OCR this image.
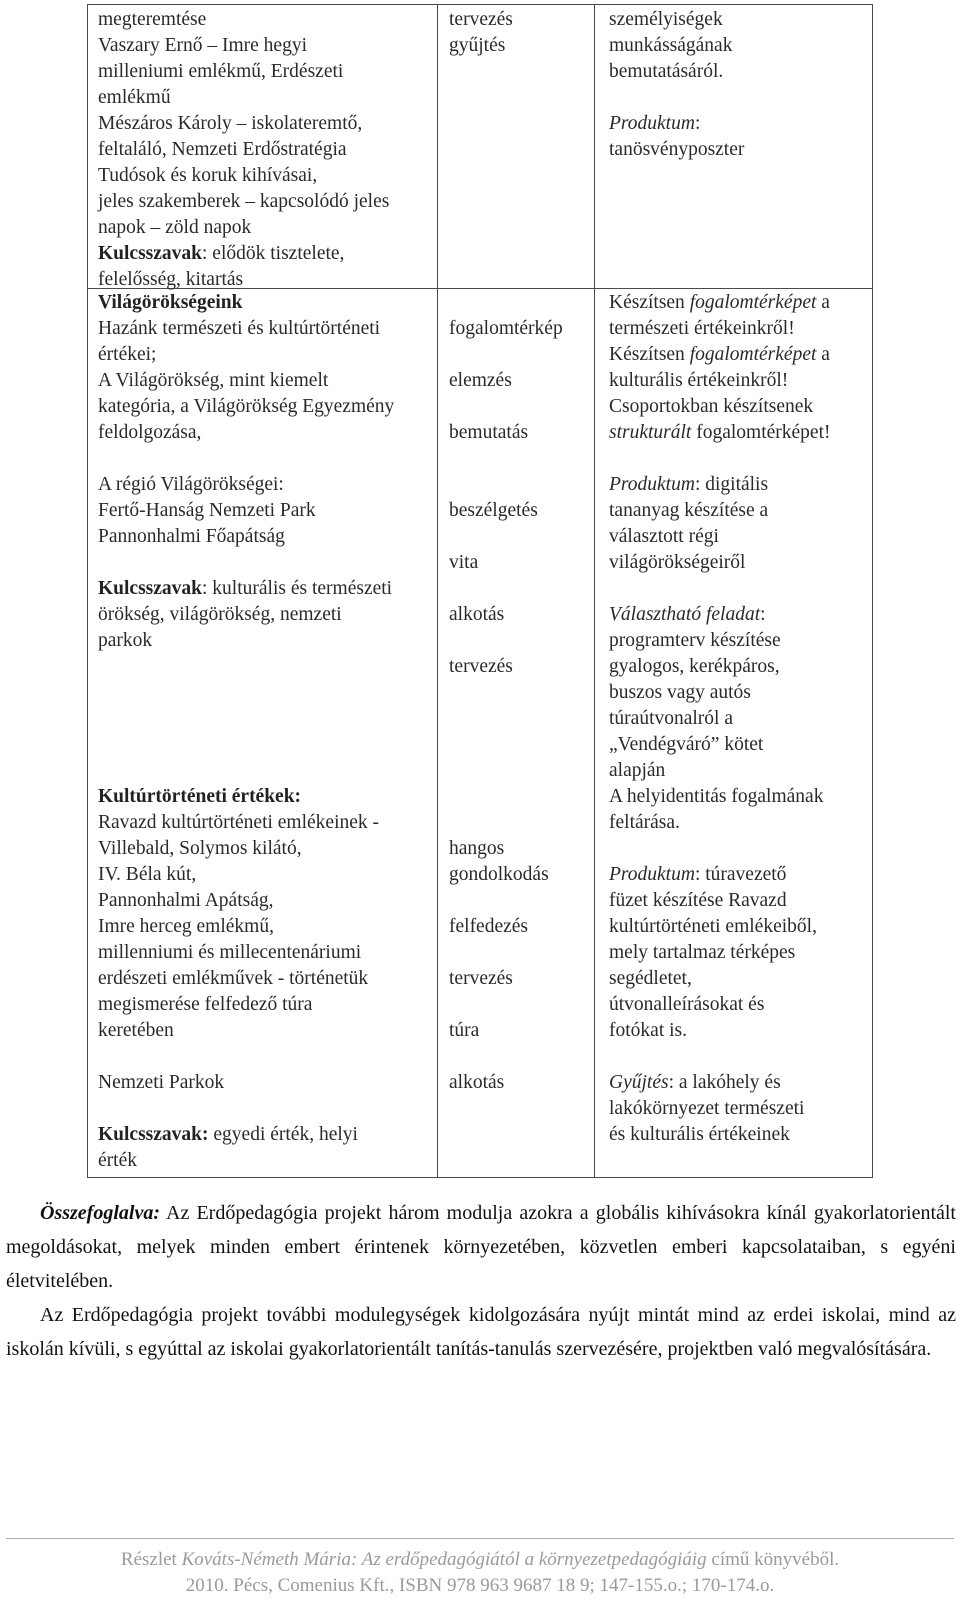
megteremtése

Vaszary Ernő – Imre hegyi

milleniumi emlékmű, Erdészeti

emlékmű

Mészáros Károly – iskolateremtő,

feltaláló, Nemzeti Erdőstratégia

Tudósok és koruk kihívásai,

jeles szakemberek – kapcsolódó jeles

napok – zöld napok

Kulcsszavak: elődök tisztelete,

felelősség, kitartás

tervezés

gyűjtés

személyiségek

munkásságának

bemutatásáról.

Produktum:

tanösvényposzter

Világörökségeink

Hazánk természeti és kultúrtörténeti

értékei;

A Világörökség, mint kiemelt

kategória, a Világörökség Egyezmény

feldolgozása,

A régió Világörökségei:

Fertő-Hanság Nemzeti Park

Pannonhalmi Főapátság

Kulcsszavak: kulturális és természeti

örökség, világörökség, nemzeti

parkok

Kultúrtörténeti értékek:

Ravazd kultúrtörténeti emlékeinek -

Villebald, Solymos kilátó,

IV. Béla kút,

Pannonhalmi Apátság,

Imre herceg emlékmű,

millenniumi és millecentenáriumi

erdészeti emlékművek - történetük

megismerése felfedező túra

keretében

Nemzeti Parkok

Kulcsszavak: egyedi érték, helyi

érték

fogalomtérkép

elemzés

bemutatás

beszélgetés

vita

alkotás

tervezés

hangos

gondolkodás

felfedezés

tervezés

túra

alkotás

Készítsen fogalomtérképet a

természeti értékeinkről!

Készítsen fogalomtérképet a

kulturális értékeinkről!

Csoportokban készítsenek

strukturált fogalomtérképet!

Produktum: digitális

tananyag készítése a

választott régi

világörökségeiről

Választható feladat:

programterv készítése

gyalogos, kerékpáros,

buszos vagy autós

túraútvonalról a

„Vendégváró” kötet

alapján

A helyidentitás fogalmának

feltárása.

Produktum: túravezető

füzet készítése Ravazd

kultúrtörténeti emlékeiből,

mely tartalmaz térképes

segédletet,

útvonalleírásokat és

fotókat is.

Gyűjtés: a lakóhely és

lakókörnyezet természeti

és kulturális értékeinek

Összefoglalva: Az Erdőpedagógia projekt három modulja azokra a globális kihívásokra kínál gyakorlatorientált megoldásokat, melyek minden embert érintenek környezetében, közvetlen emberi kapcsolataiban, s egyéni életvitelében.

Az Erdőpedagógia projekt további modulegységek kidolgozására nyújt mintát mind az erdei iskolai, mind az iskolán kívüli, s egyúttal az iskolai gyakorlatorientált tanítás-tanulás szervezésére, projektben való megvalósítására.

Részlet Kováts-Németh Mária: Az erdőpedagógiától a környezetpedagógiáig című könyvéből.
2010. Pécs, Comenius Kft., ISBN 978 963 9687 18 9; 147-155.o.; 170-174.o.
